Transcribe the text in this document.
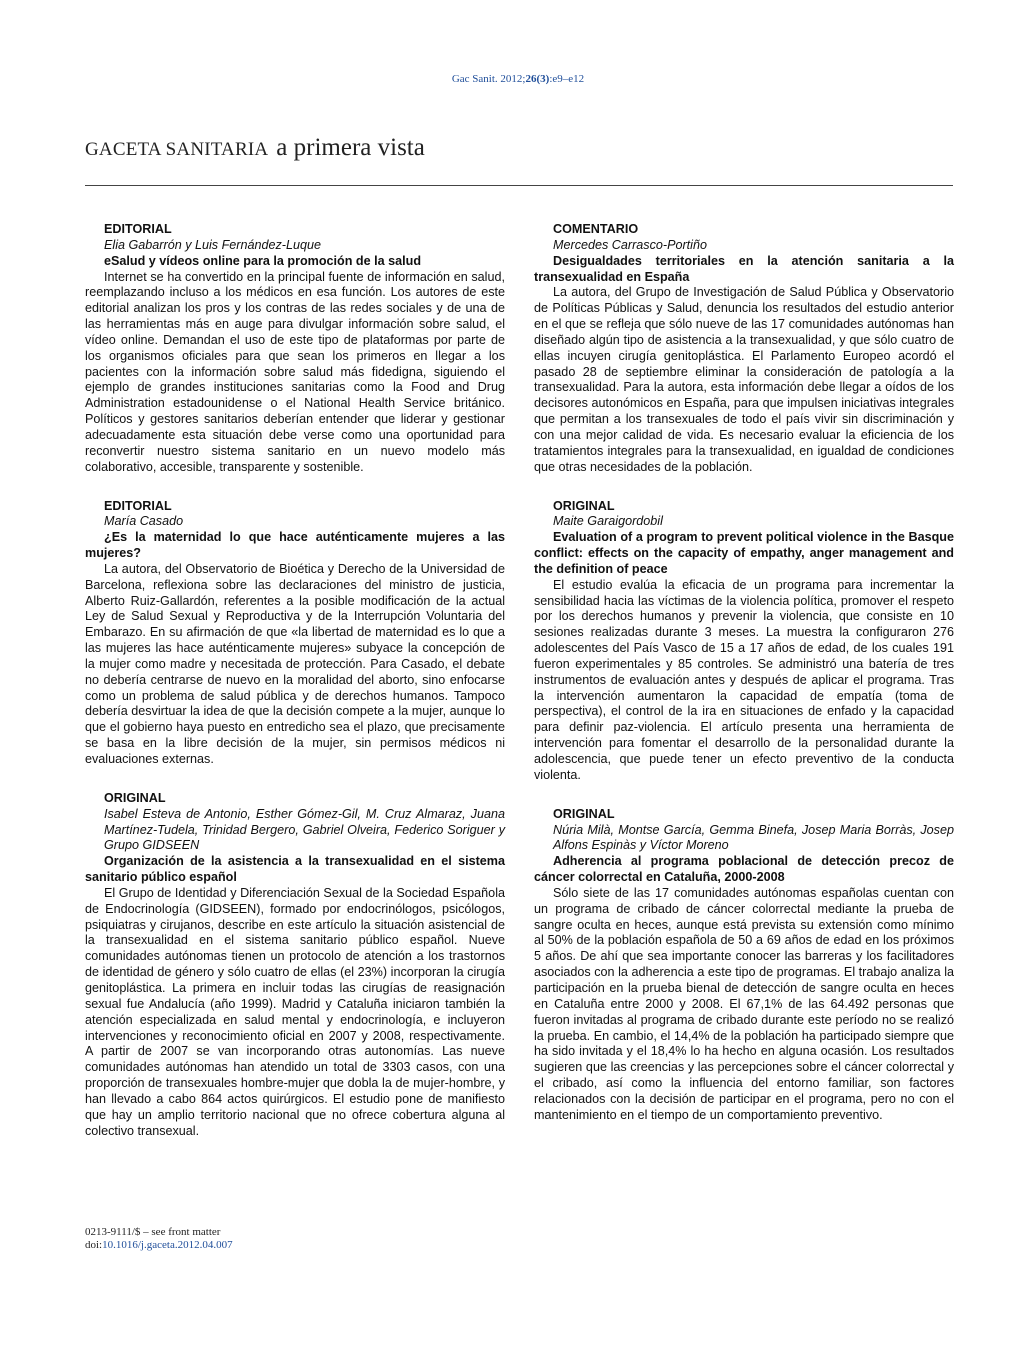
Gac Sanit. 2012;26(3):e9–e12
GACETA SANITARIA a primera vista
EDITORIAL
Elia Gabarrón y Luis Fernández-Luque
eSalud y vídeos online para la promoción de la salud
Internet se ha convertido en la principal fuente de información en salud, reemplazando incluso a los médicos en esa función. Los autores de este editorial analizan los pros y los contras de las redes sociales y de una de las herramientas más en auge para divulgar información sobre salud, el vídeo online. Demandan el uso de este tipo de plataformas por parte de los organismos oficiales para que sean los primeros en llegar a los pacientes con la información sobre salud más fidedigna, siguiendo el ejemplo de grandes instituciones sanitarias como la Food and Drug Administration estadounidense o el National Health Service británico. Políticos y gestores sanitarios deberían entender que liderar y gestionar adecuadamente esta situación debe verse como una oportunidad para reconvertir nuestro sistema sanitario en un nuevo modelo más colaborativo, accesible, transparente y sostenible.
EDITORIAL
María Casado
¿Es la maternidad lo que hace auténticamente mujeres a las mujeres?
La autora, del Observatorio de Bioética y Derecho de la Universidad de Barcelona, reflexiona sobre las declaraciones del ministro de justicia, Alberto Ruiz-Gallardón, referentes a la posible modificación de la actual Ley de Salud Sexual y Reproductiva y de la Interrupción Voluntaria del Embarazo. En su afirmación de que «la libertad de maternidad es lo que a las mujeres las hace auténticamente mujeres» subyace la concepción de la mujer como madre y necesitada de protección. Para Casado, el debate no debería centrarse de nuevo en la moralidad del aborto, sino enfocarse como un problema de salud pública y de derechos humanos. Tampoco debería desvirtuar la idea de que la decisión compete a la mujer, aunque lo que el gobierno haya puesto en entredicho sea el plazo, que precisamente se basa en la libre decisión de la mujer, sin permisos médicos ni evaluaciones externas.
ORIGINAL
Isabel Esteva de Antonio, Esther Gómez-Gil, M. Cruz Almaraz, Juana Martínez-Tudela, Trinidad Bergero, Gabriel Olveira, Federico Soriguer y Grupo GIDSEEN
Organización de la asistencia a la transexualidad en el sistema sanitario público español
El Grupo de Identidad y Diferenciación Sexual de la Sociedad Española de Endocrinología (GIDSEEN), formado por endocrinólogos, psicólogos, psiquiatras y cirujanos, describe en este artículo la situación asistencial de la transexualidad en el sistema sanitario público español. Nueve comunidades autónomas tienen un protocolo de atención a los trastornos de identidad de género y sólo cuatro de ellas (el 23%) incorporan la cirugía genitoplástica. La primera en incluir todas las cirugías de reasignación sexual fue Andalucía (año 1999). Madrid y Cataluña iniciaron también la atención especializada en salud mental y endocrinología, e incluyeron intervenciones y reconocimiento oficial en 2007 y 2008, respectivamente. A partir de 2007 se van incorporando otras autonomías. Las nueve comunidades autónomas han atendido un total de 3303 casos, con una proporción de transexuales hombre-mujer que dobla la de mujer-hombre, y han llevado a cabo 864 actos quirúrgicos. El estudio pone de manifiesto que hay un amplio territorio nacional que no ofrece cobertura alguna al colectivo transexual.
COMENTARIO
Mercedes Carrasco-Portiño
Desigualdades territoriales en la atención sanitaria a la transexualidad en España
La autora, del Grupo de Investigación de Salud Pública y Observatorio de Políticas Públicas y Salud, denuncia los resultados del estudio anterior en el que se refleja que sólo nueve de las 17 comunidades autónomas han diseñado algún tipo de asistencia a la transexualidad, y que sólo cuatro de ellas incuyen cirugía genitoplástica. El Parlamento Europeo acordó el pasado 28 de septiembre eliminar la consideración de patología a la transexualidad. Para la autora, esta información debe llegar a oídos de los decisores autonómicos en España, para que impulsen iniciativas integrales que permitan a los transexuales de todo el país vivir sin discriminación y con una mejor calidad de vida. Es necesario evaluar la eficiencia de los tratamientos integrales para la transexualidad, en igualdad de condiciones que otras necesidades de la población.
ORIGINAL
Maite Garaigordobil
Evaluation of a program to prevent political violence in the Basque conflict: effects on the capacity of empathy, anger management and the definition of peace
El estudio evalúa la eficacia de un programa para incrementar la sensibilidad hacia las víctimas de la violencia política, promover el respeto por los derechos humanos y prevenir la violencia, que consiste en 10 sesiones realizadas durante 3 meses. La muestra la configuraron 276 adolescentes del País Vasco de 15 a 17 años de edad, de los cuales 191 fueron experimentales y 85 controles. Se administró una batería de tres instrumentos de evaluación antes y después de aplicar el programa. Tras la intervención aumentaron la capacidad de empatía (toma de perspectiva), el control de la ira en situaciones de enfado y la capacidad para definir paz-violencia. El artículo presenta una herramienta de intervención para fomentar el desarrollo de la personalidad durante la adolescencia, que puede tener un efecto preventivo de la conducta violenta.
ORIGINAL
Núria Milà, Montse García, Gemma Binefa, Josep Maria Borràs, Josep Alfons Espinàs y Víctor Moreno
Adherencia al programa poblacional de detección precoz de cáncer colorrectal en Cataluña, 2000-2008
Sólo siete de las 17 comunidades autónomas españolas cuentan con un programa de cribado de cáncer colorrectal mediante la prueba de sangre oculta en heces, aunque está prevista su extensión como mínimo al 50% de la población española de 50 a 69 años de edad en los próximos 5 años. De ahí que sea importante conocer las barreras y los facilitadores asociados con la adherencia a este tipo de programas. El trabajo analiza la participación en la prueba bienal de detección de sangre oculta en heces en Cataluña entre 2000 y 2008. El 67,1% de las 64.492 personas que fueron invitadas al programa de cribado durante este período no se realizó la prueba. En cambio, el 14,4% de la población ha participado siempre que ha sido invitada y el 18,4% lo ha hecho en alguna ocasión. Los resultados sugieren que las creencias y las percepciones sobre el cáncer colorrectal y el cribado, así como la influencia del entorno familiar, son factores relacionados con la decisión de participar en el programa, pero no con el mantenimiento en el tiempo de un comportamiento preventivo.
0213-9111/$ – see front matter
doi:10.1016/j.gaceta.2012.04.007
